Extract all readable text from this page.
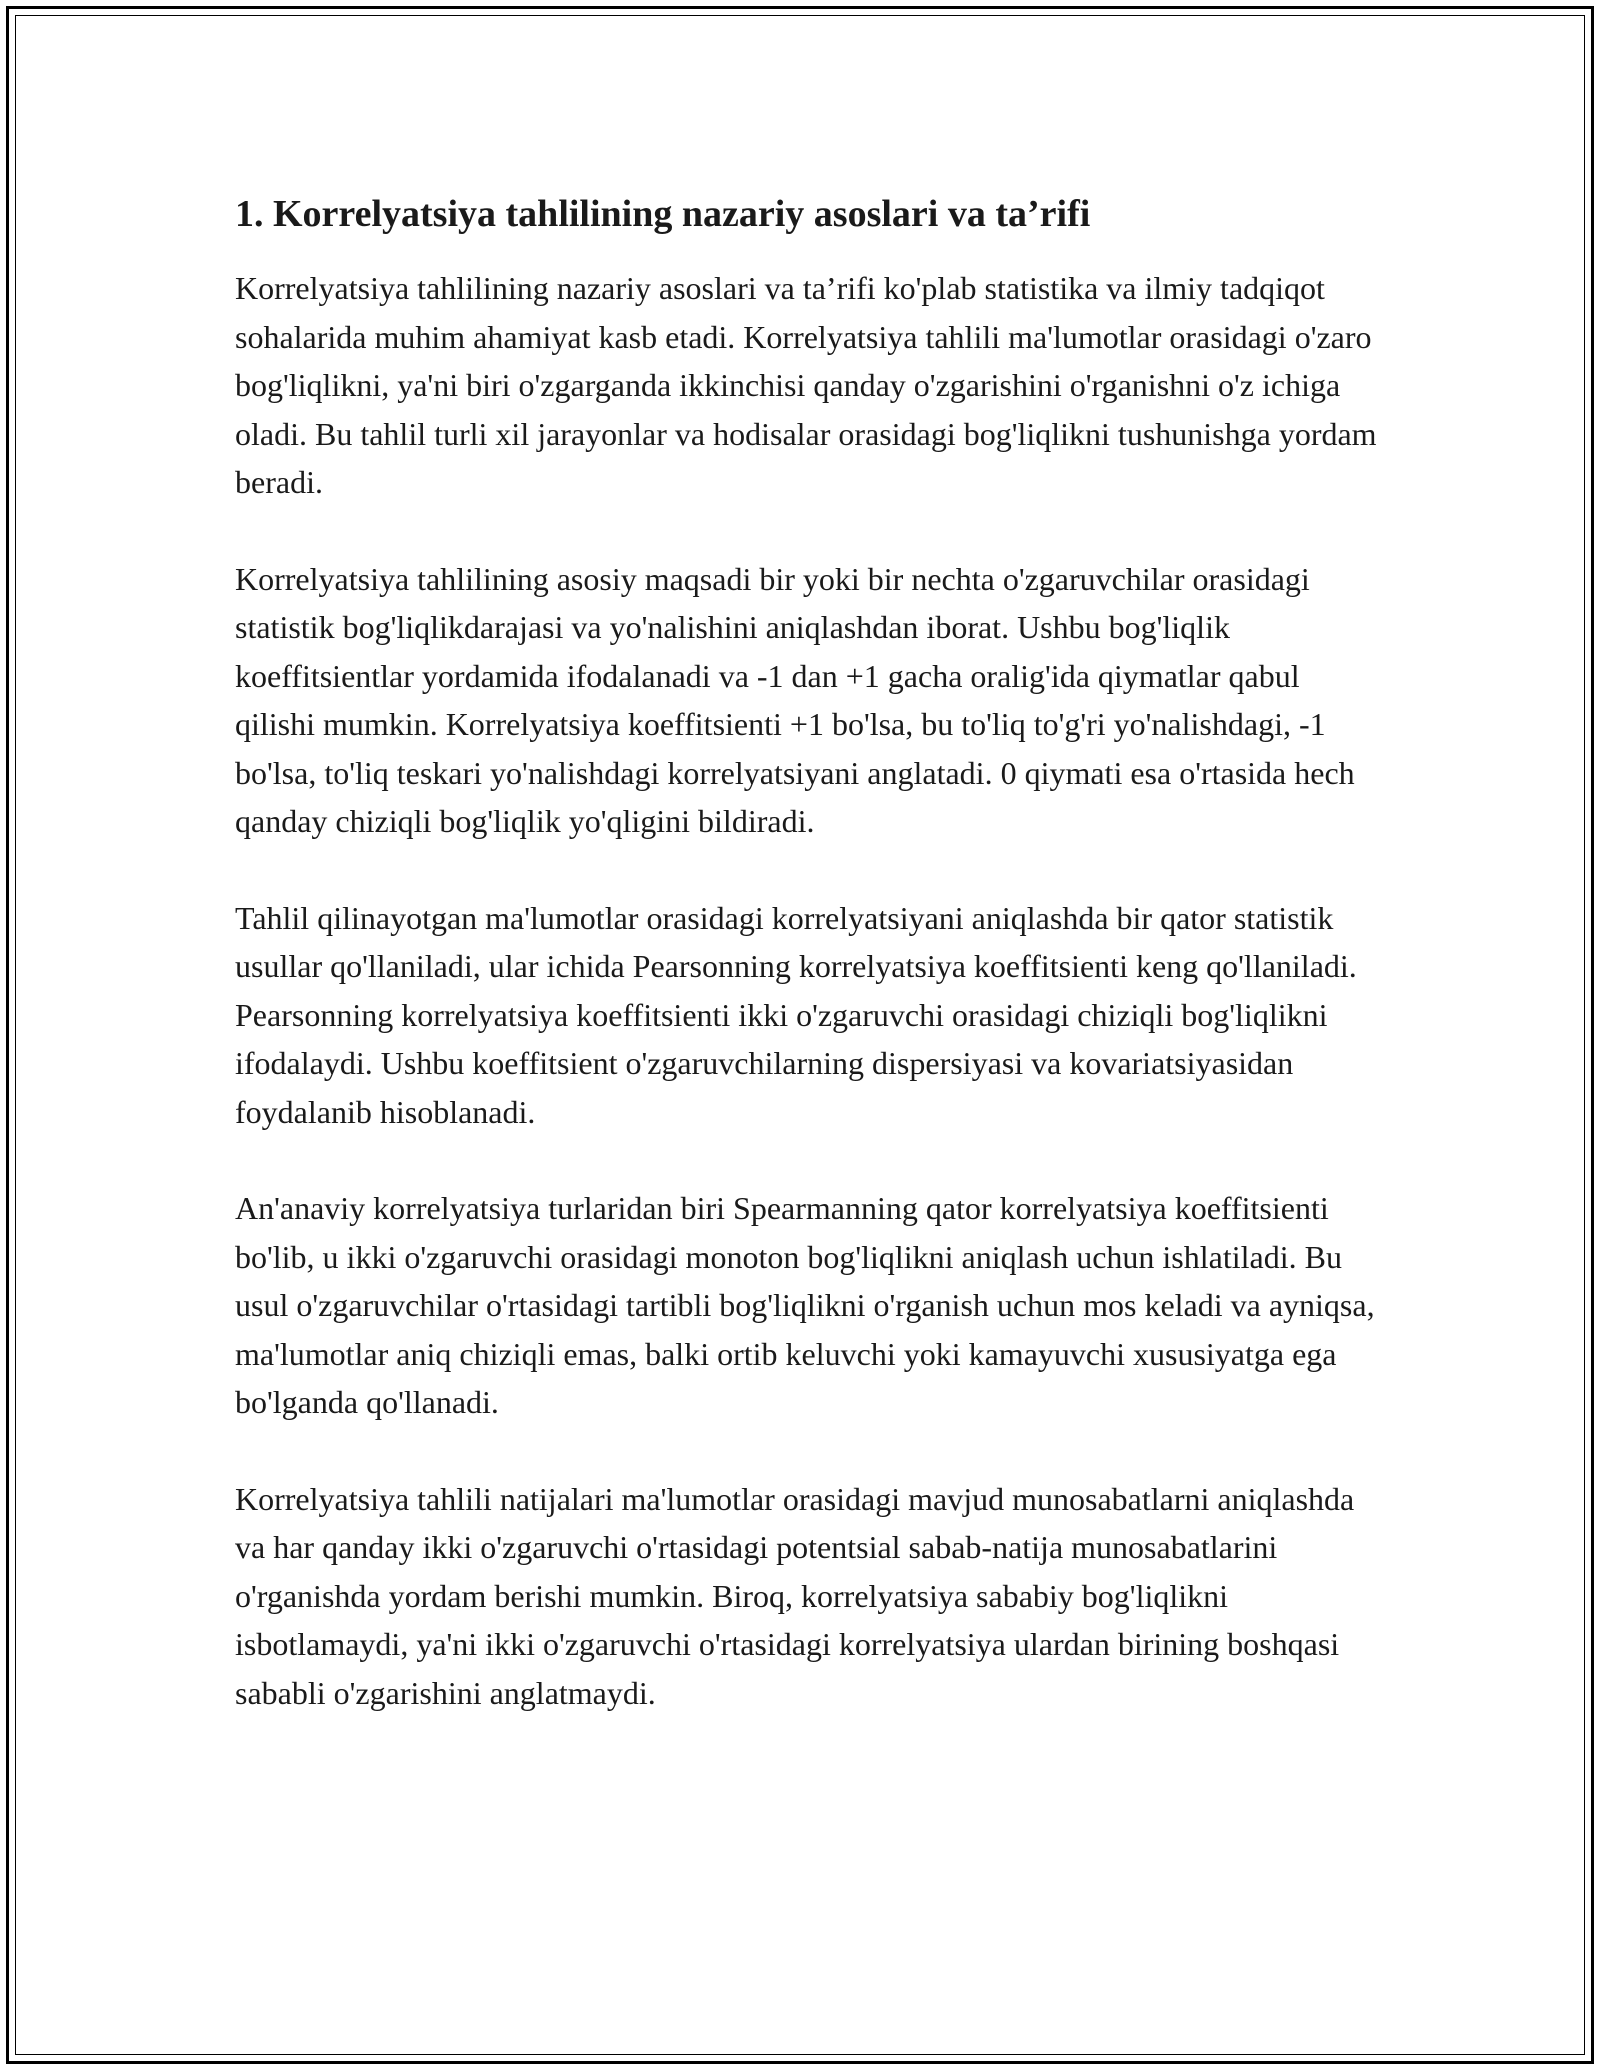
1. Korrelyatsiya tahlilining nazariy asoslari va ta’rifi

Korrelyatsiya tahlilining nazariy asoslari va ta’rifi ko'plab statistika va ilmiy tadqiqot sohalarida muhim ahamiyat kasb etadi. Korrelyatsiya tahlili ma'lumotlar orasidagi o'zaro bog'liqlikni, ya'ni biri o'zgarganda ikkinchisi qanday o'zgarishini o'rganishni o'z ichiga oladi. Bu tahlil turli xil jarayonlar va hodisalar orasidagi bog'liqlikni tushunishga yordam beradi.

Korrelyatsiya tahlilining asosiy maqsadi bir yoki bir nechta o'zgaruvchilar orasidagi statistik bog'liqlikdarajasi va yo'nalishini aniqlashdan iborat. Ushbu bog'liqlik koeffitsientlar yordamida ifodalanadi va -1 dan +1 gacha oralig'ida qiymatlar qabul qilishi mumkin. Korrelyatsiya koeffitsienti +1 bo'lsa, bu to'liq to'g'ri yo'nalishdagi, -1 bo'lsa, to'liq teskari yo'nalishdagi korrelyatsiyani anglatadi. 0 qiymati esa o'rtasida hech qanday chiziqli bog'liqlik yo'qligini bildiradi.

Tahlil qilinayotgan ma'lumotlar orasidagi korrelyatsiyani aniqlashda bir qator statistik usullar qo'llaniladi, ular ichida Pearsonning korrelyatsiya koeffitsienti keng qo'llaniladi. Pearsonning korrelyatsiya koeffitsienti ikki o'zgaruvchi orasidagi chiziqli bog'liqlikni ifodalaydi. Ushbu koeffitsient o'zgaruvchilarning dispersiyasi va kovariatsiyasidan foydalanib hisoblanadi.

An'anaviy korrelyatsiya turlaridan biri Spearmanning qator korrelyatsiya koeffitsienti bo'lib, u ikki o'zgaruvchi orasidagi monoton bog'liqlikni aniqlash uchun ishlatiladi. Bu usul o'zgaruvchilar o'rtasidagi tartibli bog'liqlikni o'rganish uchun mos keladi va ayniqsa, ma'lumotlar aniq chiziqli emas, balki ortib keluvchi yoki kamayuvchi xususiyatga ega bo'lganda qo'llanadi.

Korrelyatsiya tahlili natijalari ma'lumotlar orasidagi mavjud munosabatlarni aniqlashda va har qanday ikki o'zgaruvchi o'rtasidagi potentsial sabab-natija munosabatlarini o'rganishda yordam berishi mumkin. Biroq, korrelyatsiya sababiy bog'liqlikni isbotlamaydi, ya'ni ikki o'zgaruvchi o'rtasidagi korrelyatsiya ulardan birining boshqasi sababli o'zgarishini anglatmaydi.
